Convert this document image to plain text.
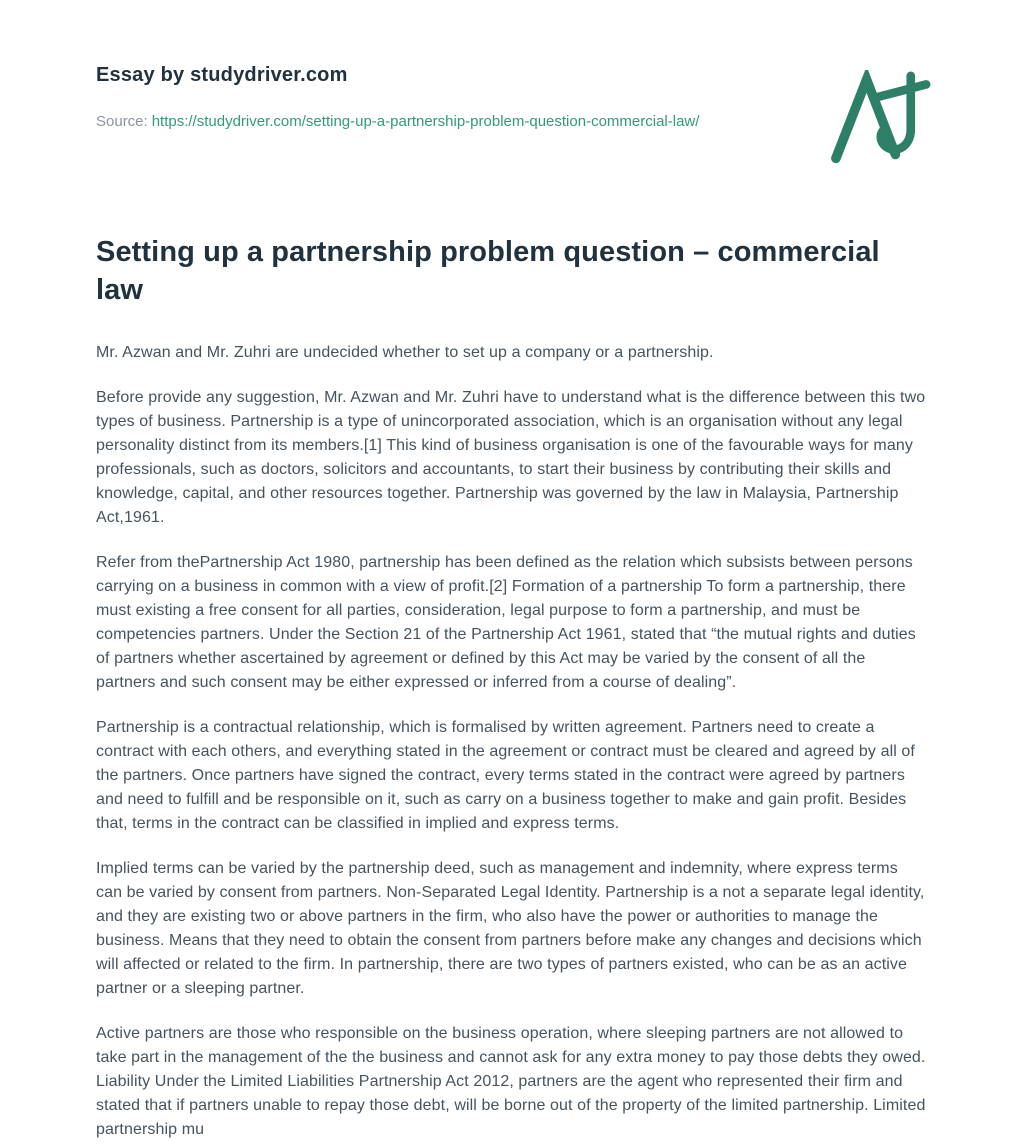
Essay by studydriver.com
Source: https://studydriver.com/setting-up-a-partnership-problem-question-commercial-law/
Setting up a partnership problem question – commercial law

Mr. Azwan and Mr. Zuhri are undecided whether to set up a company or a partnership.

Before provide any suggestion, Mr. Azwan and Mr. Zuhri have to understand what is the difference between this two types of business. Partnership is a type of unincorporated association, which is an organisation without any legal personality distinct from its members.[1] This kind of business organisation is one of the favourable ways for many professionals, such as doctors, solicitors and accountants, to start their business by contributing their skills and knowledge, capital, and other resources together. Partnership was governed by the law in Malaysia, Partnership Act,1961.

Refer from thePartnership Act 1980, partnership has been defined as the relation which subsists between persons carrying on a business in common with a view of profit.[2] Formation of a partnership To form a partnership, there must existing a free consent for all parties, consideration, legal purpose to form a partnership, and must be competencies partners. Under the Section 21 of the Partnership Act 1961, stated that “the mutual rights and duties of partners whether ascertained by agreement or defined by this Act may be varied by the consent of all the partners and such consent may be either expressed or inferred from a course of dealing”.

Partnership is a contractual relationship, which is formalised by written agreement. Partners need to create a contract with each others, and everything stated in the agreement or contract must be cleared and agreed by all of the partners. Once partners have signed the contract, every terms stated in the contract were agreed by partners and need to fulfill and be responsible on it, such as carry on a business together to make and gain profit. Besides that, terms in the contract can be classified in implied and express terms.

Implied terms can be varied by the partnership deed, such as management and indemnity, where express terms can be varied by consent from partners. Non-Separated Legal Identity. Partnership is a not a separate legal identity, and they are existing two or above partners in the firm, who also have the power or authorities to manage the business. Means that they need to obtain the consent from partners before make any changes and decisions which will affected or related to the firm. In partnership, there are two types of partners existed, who can be as an active partner or a sleeping partner.

Active partners are those who responsible on the business operation, where sleeping partners are not allowed to take part in the management of the the business and cannot ask for any extra money to pay those debts they owed. Liability Under the Limited Liabilities Partnership Act 2012, partners are the agent who represented their firm and stated that if partners unable to repay those debt, will be borne out of the property of the limited partnership. Limited partnership mu
